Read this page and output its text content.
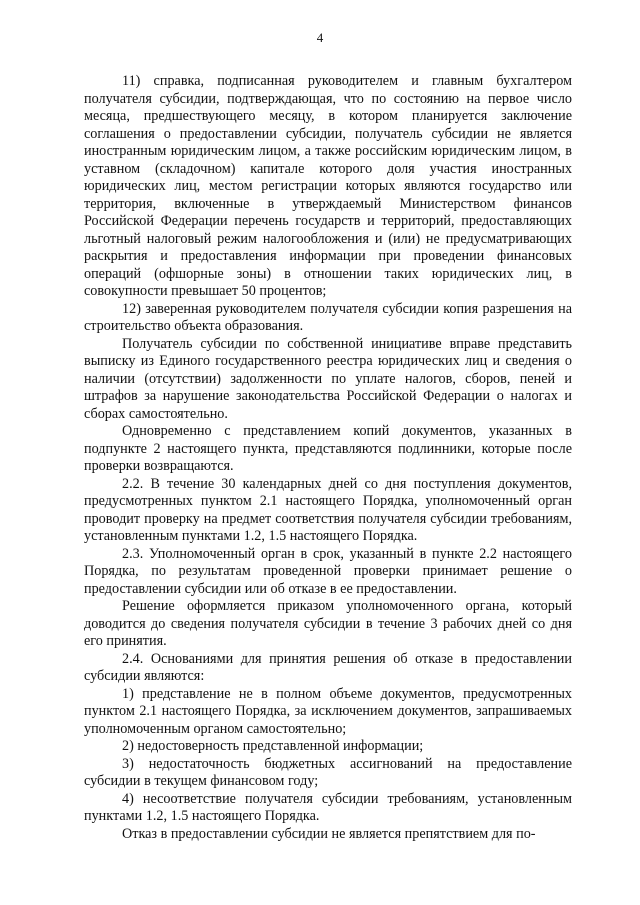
4

11) справка, подписанная руководителем и главным бухгалтером получателя субсидии, подтверждающая, что по состоянию на первое число месяца, предшествующего месяцу, в котором планируется заключение соглашения о предоставлении субсидии, получатель субсидии не является иностранным юридическим лицом, а также российским юридическим лицом, в уставном (складочном) капитале которого доля участия иностранных юридических лиц, местом регистрации которых являются государство или территория, включенные в утверждаемый Министерством финансов Российской Федерации перечень государств и территорий, предоставляющих льготный налоговый режим налогообложения и (или) не предусматривающих раскрытия и предоставления информации при проведении финансовых операций (офшорные зоны) в отношении таких юридических лиц, в совокупности превышает 50 процентов;

12) заверенная руководителем получателя субсидии копия разрешения на строительство объекта образования.

Получатель субсидии по собственной инициативе вправе представить выписку из Единого государственного реестра юридических лиц и сведения о наличии (отсутствии) задолженности по уплате налогов, сборов, пеней и штрафов за нарушение законодательства Российской Федерации о налогах и сборах самостоятельно.

Одновременно с представлением копий документов, указанных в подпункте 2 настоящего пункта, представляются подлинники, которые после проверки возвращаются.

2.2. В течение 30 календарных дней со дня поступления документов, предусмотренных пунктом 2.1 настоящего Порядка, уполномоченный орган проводит проверку на предмет соответствия получателя субсидии требованиям, установленным пунктами 1.2, 1.5 настоящего Порядка.

2.3. Уполномоченный орган в срок, указанный в пункте 2.2 настоящего Порядка, по результатам проведенной проверки принимает решение о предоставлении субсидии или об отказе в ее предоставлении.

Решение оформляется приказом уполномоченного органа, который доводится до сведения получателя субсидии в течение 3 рабочих дней со дня его принятия.

2.4. Основаниями для принятия решения об отказе в предоставлении субсидии являются:

1) представление не в полном объеме документов, предусмотренных пунктом 2.1 настоящего Порядка, за исключением документов, запрашиваемых уполномоченным органом самостоятельно;

2) недостоверность представленной информации;

3) недостаточность бюджетных ассигнований на предоставление субсидии в текущем финансовом году;

4) несоответствие получателя субсидии требованиям, установленным пунктами 1.2, 1.5 настоящего Порядка.

Отказ в предоставлении субсидии не является препятствием для по-
